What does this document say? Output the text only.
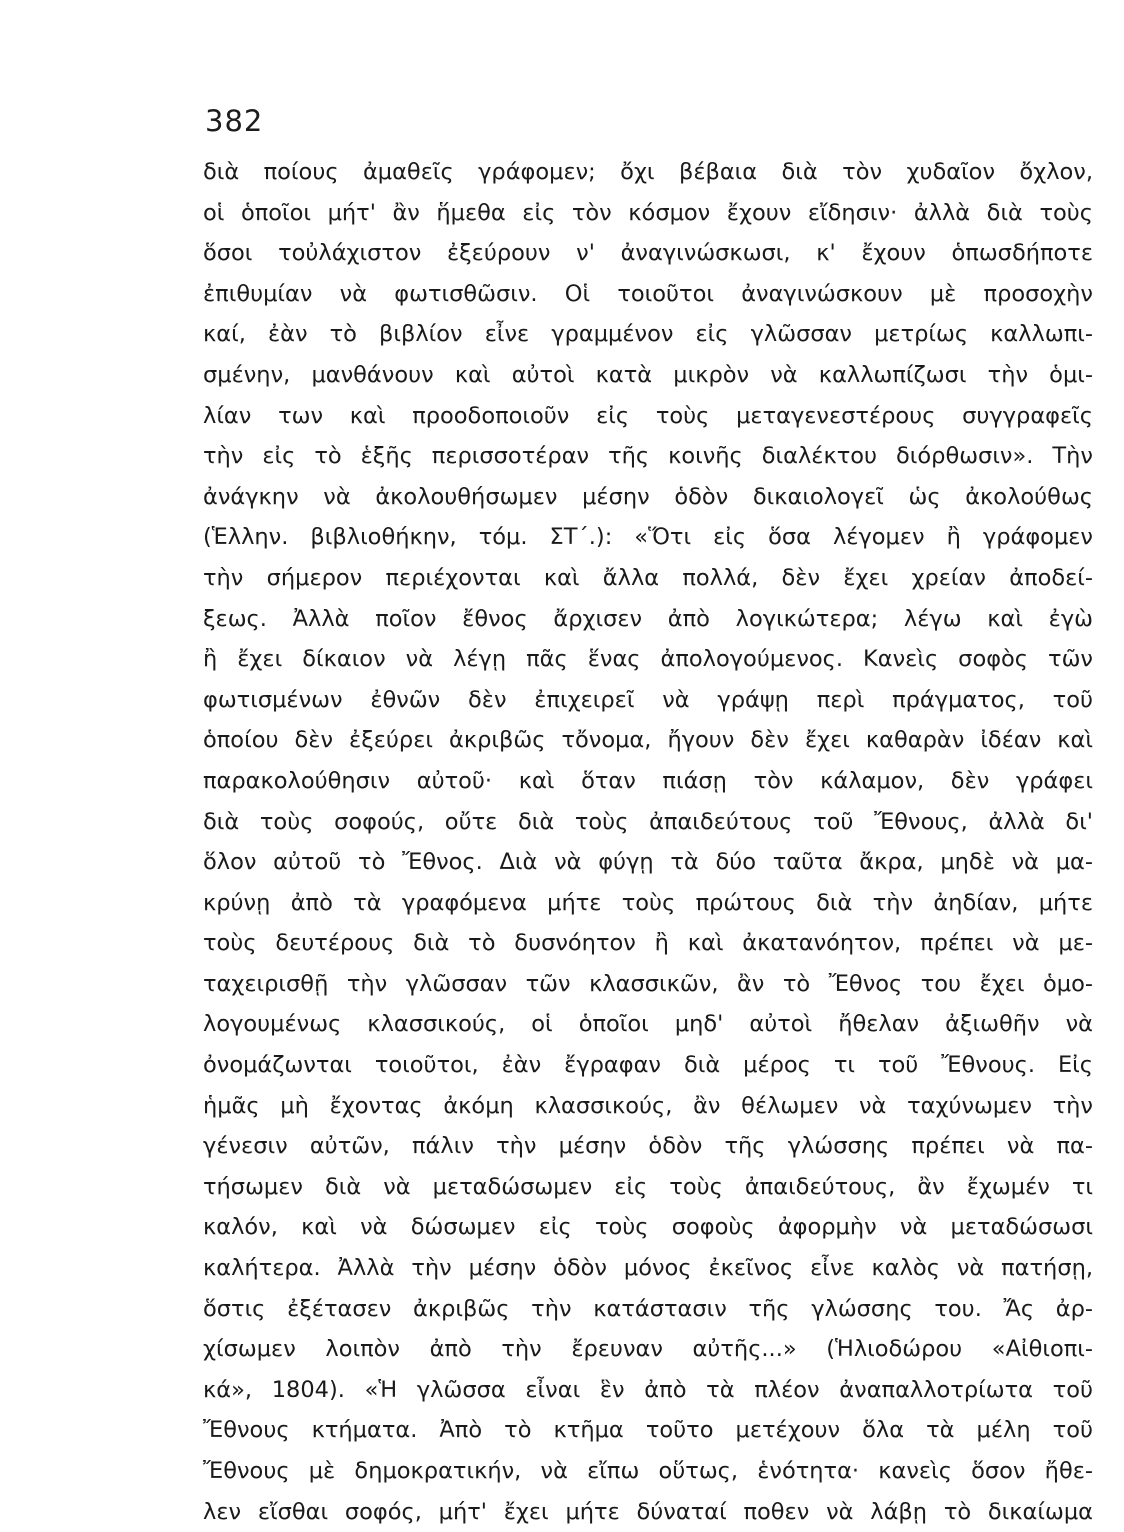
382
διὰ ποίους ἀμαθεῖς γράφομεν; ὄχι βέβαια διὰ τὸν χυδαῖον ὄχλον,
οἱ ὁποῖοι μήτ' ἂν ἥμεθα εἰς τὸν κόσμον ἔχουν εἴδησιν· ἀλλὰ διὰ τοὺς
ὅσοι τοὐλάχιστον ἐξεύρουν ν' ἀναγινώσκωσι, κ' ἔχουν ὁπωσδήποτε
ἐπιθυμίαν νὰ φωτισθῶσιν. Οἱ τοιοῦτοι ἀναγινώσκουν μὲ προσοχὴν
καί, ἐὰν τὸ βιβλίον εἶνε γραμμένον εἰς γλῶσσαν μετρίως καλλωπι-
σμένην, μανθάνουν καὶ αὐτοὶ κατὰ μικρὸν νὰ καλλωπίζωσι τὴν ὁμι-
λίαν των καὶ προοδοποιοῦν εἰς τοὺς μεταγενεστέρους συγγραφεῖς
τὴν εἰς τὸ ἑξῆς περισσοτέραν τῆς κοινῆς διαλέκτου διόρθωσιν». Τὴν
ἀνάγκην νὰ ἀκολουθήσωμεν μέσην ὁδὸν δικαιολογεῖ ὡς ἀκολούθως
(Ἑλλην. βιβλιοθήκην, τόμ. ΣΤ΄.): «Ὅτι εἰς ὅσα λέγομεν ἢ γράφομεν
τὴν σήμερον περιέχονται καὶ ἄλλα πολλά, δὲν ἔχει χρείαν ἀποδεί-
ξεως. Ἀλλὰ ποῖον ἔθνος ἄρχισεν ἀπὸ λογικώτερα; λέγω καὶ ἐγὼ
ἢ ἔχει δίκαιον νὰ λέγῃ πᾶς ἕνας ἀπολογούμενος. Κανεὶς σοφὸς τῶν
φωτισμένων ἐθνῶν δὲν ἐπιχειρεῖ νὰ γράψῃ περὶ πράγματος, τοῦ
ὁποίου δὲν ἐξεύρει ἀκριβῶς τὄνομα, ἤγουν δὲν ἔχει καθαρὰν ἰδέαν καὶ
παρακολούθησιν αὐτοῦ· καὶ ὅταν πιάσῃ τὸν κάλαμον, δὲν γράφει
διὰ τοὺς σοφούς, οὔτε διὰ τοὺς ἀπαιδεύτους τοῦ Ἔθνους, ἀλλὰ δι'
ὅλον αὐτοῦ τὸ Ἔθνος. Διὰ νὰ φύγῃ τὰ δύο ταῦτα ἄκρα, μηδὲ νὰ μα-
κρύνῃ ἀπὸ τὰ γραφόμενα μήτε τοὺς πρώτους διὰ τὴν ἀηδίαν, μήτε
τοὺς δευτέρους διὰ τὸ δυσνόητον ἢ καὶ ἀκατανόητον, πρέπει νὰ με-
ταχειρισθῇ τὴν γλῶσσαν τῶν κλασσικῶν, ἂν τὸ Ἔθνος του ἔχει ὁμο-
λογουμένως κλασσικούς, οἱ ὁποῖοι μηδ' αὐτοὶ ἤθελαν ἀξιωθῆν νὰ
ὀνομάζωνται τοιοῦτοι, ἐὰν ἔγραφαν διὰ μέρος τι τοῦ Ἔθνους. Εἰς
ἡμᾶς μὴ ἔχοντας ἀκόμη κλασσικούς, ἂν θέλωμεν νὰ ταχύνωμεν τὴν
γένεσιν αὐτῶν, πάλιν τὴν μέσην ὁδὸν τῆς γλώσσης πρέπει νὰ πα-
τήσωμεν διὰ νὰ μεταδώσωμεν εἰς τοὺς ἀπαιδεύτους, ἂν ἔχωμέν τι
καλόν, καὶ νὰ δώσωμεν εἰς τοὺς σοφοὺς ἀφορμὴν νὰ μεταδώσωσι
καλήτερα. Ἀλλὰ τὴν μέσην ὁδὸν μόνος ἐκεῖνος εἶνε καλὸς νὰ πατήσῃ,
ὅστις ἐξέτασεν ἀκριβῶς τὴν κατάστασιν τῆς γλώσσης του. Ἄς ἀρ-
χίσωμεν λοιπὸν ἀπὸ τὴν ἔρευναν αὐτῆς...» (Ἡλιοδώρου «Αἰθιοπι-
κά», 1804). «Ἡ γλῶσσα εἶναι ἓν ἀπὸ τὰ πλέον ἀναπαλλοτρίωτα τοῦ
Ἔθνους κτήματα. Ἀπὸ τὸ κτῆμα τοῦτο μετέχουν ὅλα τὰ μέλη τοῦ
Ἔθνους μὲ δημοκρατικήν, νὰ εἴπω οὕτως, ἑνότητα· κανεὶς ὅσον ἤθε-
λεν εἴσθαι σοφός, μήτ' ἔχει μήτε δύναταί ποθεν νὰ λάβῃ τὸ δικαίωμα
